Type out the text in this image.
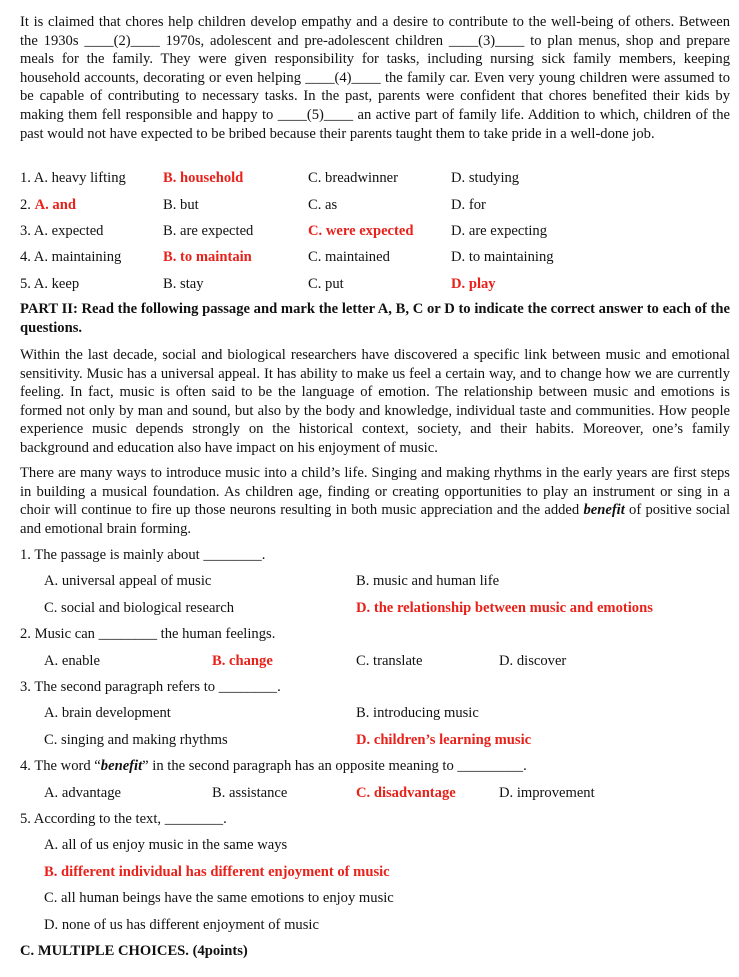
It is claimed that chores help children develop empathy and a desire to contribute to the well-being of others. Between the 1930s ____(2)____ 1970s, adolescent and pre-adolescent children ____(3)____ to plan menus, shop and prepare meals for the family. They were given responsibility for tasks, including nursing sick family members, keeping household accounts, decorating or even helping ____(4)____ the family car. Even very young children were assumed to be capable of contributing to necessary tasks. In the past, parents were confident that chores benefited their kids by making them fell responsible and happy to ____(5)____ an active part of family life. Addition to which, children of the past would not have expected to be bribed because their parents taught them to take pride in a well-done job.

1. A. heavy lifting	B. household	C. breadwinner	D. studying
2. A. and	B. but	C. as	D. for
3. A. expected	B. are expected	C. were expected	D. are expecting
4. A. maintaining	B. to maintain	C. maintained	D. to maintaining
5. A. keep	B. stay	C. put	D. play
PART II: Read the following passage and mark the letter A, B, C or D to indicate the correct answer to each of the questions.

Within the last decade, social and biological researchers have discovered a specific link between music and emotional sensitivity. Music has a universal appeal. It has ability to make us feel a certain way, and to change how we are currently feeling. In fact, music is often said to be the language of emotion. The relationship between music and emotions is formed not only by man and sound, but also by the body and knowledge, individual taste and communities. How people experience music depends strongly on the historical context, society, and their habits. Moreover, one’s family background and education also have impact on his enjoyment of music.

There are many ways to introduce music into a child’s life. Singing and making rhythms in the early years are first steps in building a musical foundation. As children age, finding or creating opportunities to play an instrument or sing in a choir will continue to fire up those neurons resulting in both music appreciation and the added benefit of positive social and emotional brain forming.

1. The passage is mainly about ________.
A. universal appeal of music	B. music and human life
C. social and biological research	D. the relationship between music and emotions
2. Music can ________ the human feelings.
A. enable	B. change	C. translate	D. discover
3. The second paragraph refers to ________.
A. brain development	B. introducing music
C. singing and making rhythms	D. children’s learning music
4. The word “benefit” in the second paragraph has an opposite meaning to _________.
A. advantage	B. assistance	C. disadvantage	D. improvement
5. According to the text, ________.
A. all of us enjoy music in the same ways
B. different individual has different enjoyment of music
C. all human beings have the same emotions to enjoy music
D. none of us has different enjoyment of music
C. MULTIPLE CHOICES. (4points)
